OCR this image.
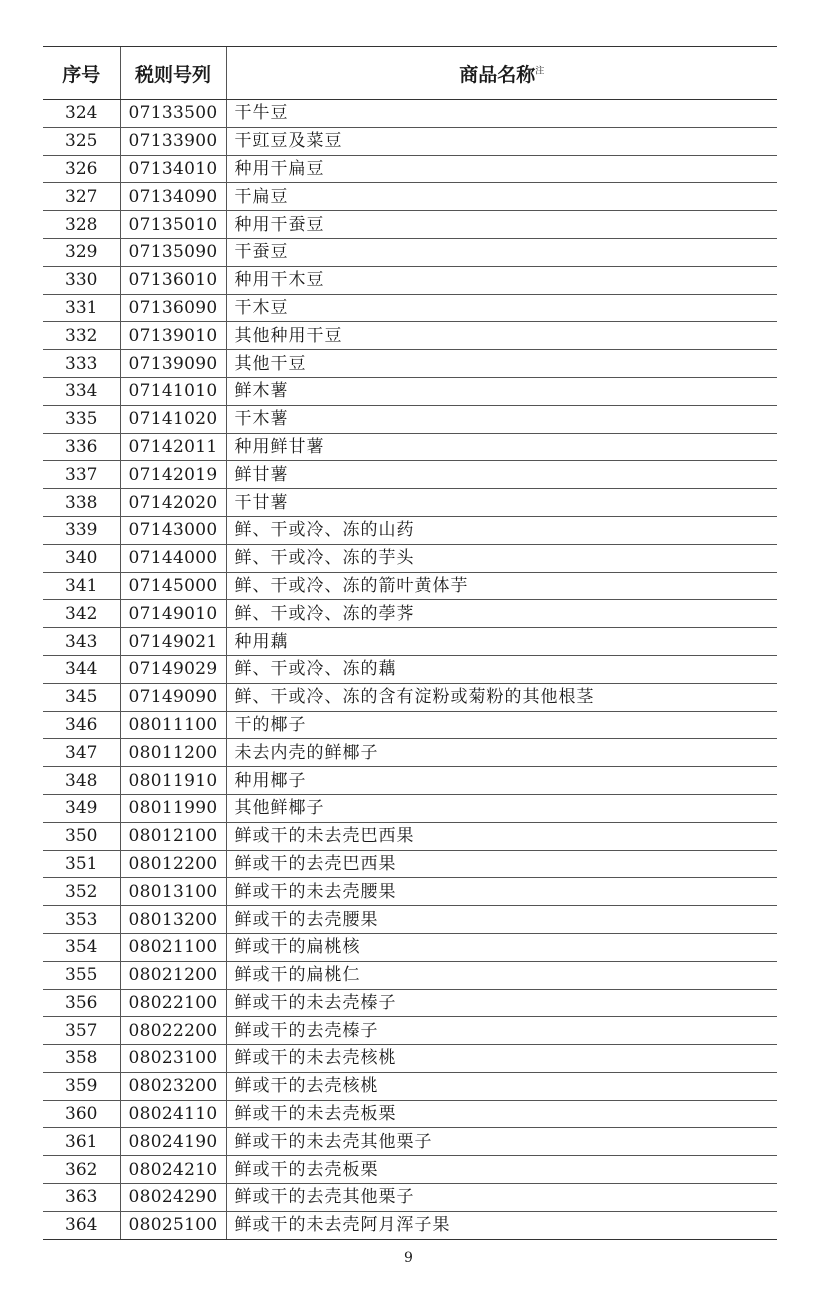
序号	税则号列	商品名称$^注$
324	07133500	干牛豆
325	07133900	干豇豆及菜豆
326	07134010	种用干扁豆
327	07134090	干扁豆
328	07135010	种用干蚕豆
329	07135090	干蚕豆
330	07136010	种用干木豆
331	07136090	干木豆
332	07139010	其他种用干豆
333	07139090	其他干豆
334	07141010	鲜木薯
335	07141020	干木薯
336	07142011	种用鲜甘薯
337	07142019	鲜甘薯
338	07142020	干甘薯
339	07143000	鲜、干或冷、冻的山药
340	07144000	鲜、干或冷、冻的芋头
341	07145000	鲜、干或冷、冻的箭叶黄体芋
342	07149010	鲜、干或冷、冻的荸荠
343	07149021	种用藕
344	07149029	鲜、干或冷、冻的藕
345	07149090	鲜、干或冷、冻的含有淀粉或菊粉的其他根茎
346	08011100	干的椰子
347	08011200	未去内壳的鲜椰子
348	08011910	种用椰子
349	08011990	其他鲜椰子
350	08012100	鲜或干的未去壳巴西果
351	08012200	鲜或干的去壳巴西果
352	08013100	鲜或干的未去壳腰果
353	08013200	鲜或干的去壳腰果
354	08021100	鲜或干的扁桃核
355	08021200	鲜或干的扁桃仁
356	08022100	鲜或干的未去壳榛子
357	08022200	鲜或干的去壳榛子
358	08023100	鲜或干的未去壳核桃
359	08023200	鲜或干的去壳核桃
360	08024110	鲜或干的未去壳板栗
361	08024190	鲜或干的未去壳其他栗子
362	08024210	鲜或干的去壳板栗
363	08024290	鲜或干的去壳其他栗子
364	08025100	鲜或干的未去壳阿月浑子果
9
